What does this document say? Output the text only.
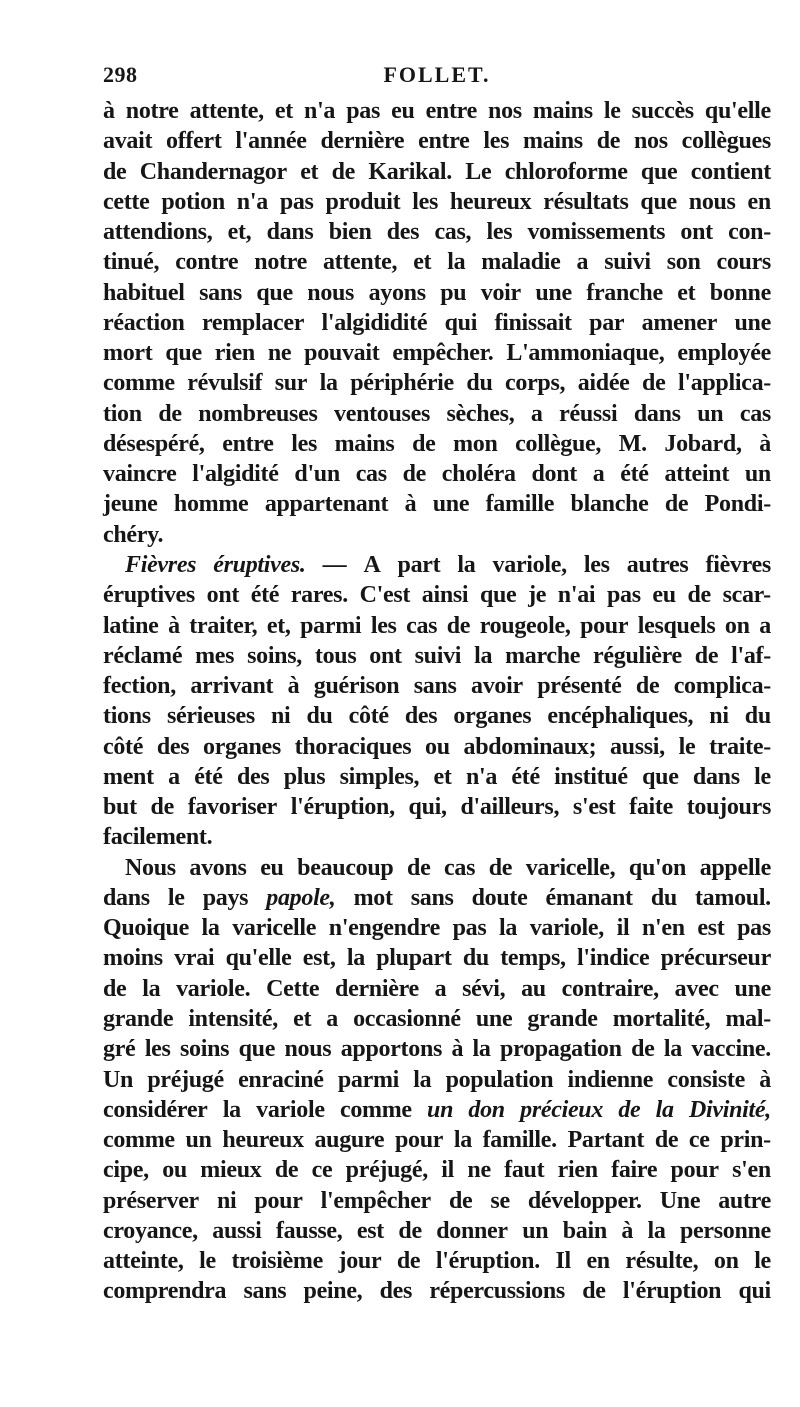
298	FOLLET.
à notre attente, et n'a pas eu entre nos mains le succès qu'elle
avait offert l'année dernière entre les mains de nos collègues
de Chandernagor et de Karikal. Le chloroforme que contient
cette potion n'a pas produit les heureux résultats que nous en
attendions, et, dans bien des cas, les vomissements ont con-
tinué, contre notre attente, et la maladie a suivi son cours
habituel sans que nous ayons pu voir une franche et bonne
réaction remplacer l'algididité qui finissait par amener une
mort que rien ne pouvait empêcher. L'ammoniaque, employée
comme révulsif sur la périphérie du corps, aidée de l'applica-
tion de nombreuses ventouses sèches, a réussi dans un cas
désespéré, entre les mains de mon collègue, M. Jobard, à
vaincre l'algidité d'un cas de choléra dont a été atteint un
jeune homme appartenant à une famille blanche de Pondi-
chéry.
Fièvres éruptives. — A part la variole, les autres fièvres
éruptives ont été rares. C'est ainsi que je n'ai pas eu de scar-
latine à traiter, et, parmi les cas de rougeole, pour lesquels on a
réclamé mes soins, tous ont suivi la marche régulière de l'af-
fection, arrivant à guérison sans avoir présenté de complica-
tions sérieuses ni du côté des organes encéphaliques, ni du
côté des organes thoraciques ou abdominaux; aussi, le traite-
ment a été des plus simples, et n'a été institué que dans le
but de favoriser l'éruption, qui, d'ailleurs, s'est faite toujours
facilement.
Nous avons eu beaucoup de cas de varicelle, qu'on appelle
dans le pays papole, mot sans doute émanant du tamoul.
Quoique la varicelle n'engendre pas la variole, il n'en est pas
moins vrai qu'elle est, la plupart du temps, l'indice précurseur
de la variole. Cette dernière a sévi, au contraire, avec une
grande intensité, et a occasionné une grande mortalité, mal-
gré les soins que nous apportons à la propagation de la vaccine.
Un préjugé enraciné parmi la population indienne consiste à
considérer la variole comme un don précieux de la Divinité,
comme un heureux augure pour la famille. Partant de ce prin-
cipe, ou mieux de ce préjugé, il ne faut rien faire pour s'en
préserver ni pour l'empêcher de se développer. Une autre
croyance, aussi fausse, est de donner un bain à la personne
atteinte, le troisième jour de l'éruption. Il en résulte, on le
comprendra sans peine, des répercussions de l'éruption qui
